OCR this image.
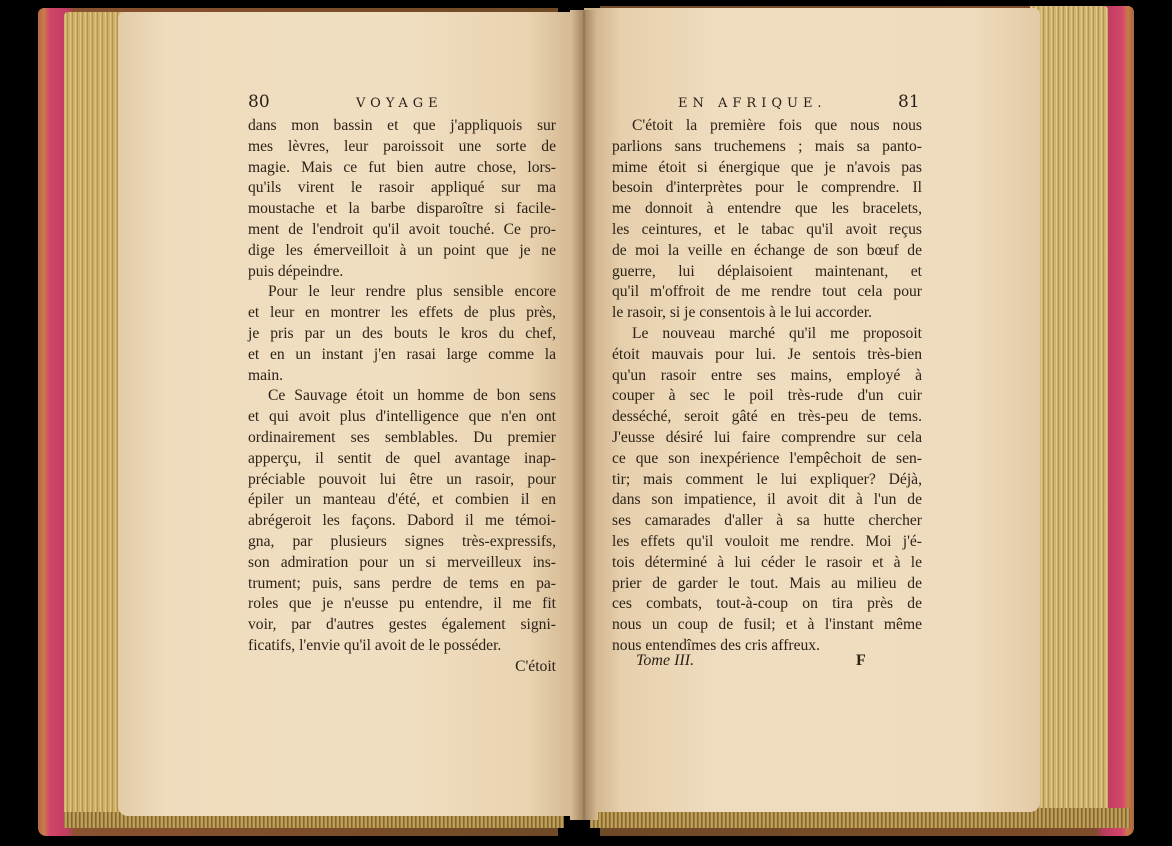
80	VOYAGE
dans mon bassin et que j'appliquois sur
mes lèvres, leur paroissoit une sorte de
magie. Mais ce fut bien autre chose, lors-
qu'ils virent le rasoir appliqué sur ma
moustache et la barbe disparoître si facile-
ment de l'endroit qu'il avoit touché. Ce pro-
dige les émerveilloit à un point que je ne
puis dépeindre.
Pour le leur rendre plus sensible encore
et leur en montrer les effets de plus près,
je pris par un des bouts le kros du chef,
et en un instant j'en rasai large comme la
main.
Ce Sauvage étoit un homme de bon sens
et qui avoit plus d'intelligence que n'en ont
ordinairement ses semblables. Du premier
apperçu, il sentit de quel avantage inap-
préciable pouvoit lui être un rasoir, pour
épiler un manteau d'été, et combien il en
abrégeroit les façons. Dabord il me témoi-
gna, par plusieurs signes très-expressifs,
son admiration pour un si merveilleux ins-
trument; puis, sans perdre de tems en pa-
roles que je n'eusse pu entendre, il me fit
voir, par d'autres gestes également signi-
ficatifs, l'envie qu'il avoit de le posséder.
C'étoit
EN AFRIQUE.	81
C'étoit la première fois que nous nous
parlions sans truchemens ; mais sa panto-
mime étoit si énergique que je n'avois pas
besoin d'interprètes pour le comprendre. Il
me donnoit à entendre que les bracelets,
les ceintures, et le tabac qu'il avoit reçus
de moi la veille en échange de son bœuf de
guerre, lui déplaisoient maintenant, et
qu'il m'offroit de me rendre tout cela pour
le rasoir, si je consentois à le lui accorder.
Le nouveau marché qu'il me proposoit
étoit mauvais pour lui. Je sentois très-bien
qu'un rasoir entre ses mains, employé à
couper à sec le poil très-rude d'un cuir
desséché, seroit gâté en très-peu de tems.
J'eusse désiré lui faire comprendre sur cela
ce que son inexpérience l'empêchoit de sen-
tir; mais comment le lui expliquer? Déjà,
dans son impatience, il avoit dit à l'un de
ses camarades d'aller à sa hutte chercher
les effets qu'il vouloit me rendre. Moi j'é-
tois déterminé à lui céder le rasoir et à le
prier de garder le tout. Mais au milieu de
ces combats, tout-à-coup on tira près de
nous un coup de fusil; et à l'instant même
nous entendîmes des cris affreux.
Tome III.	F
